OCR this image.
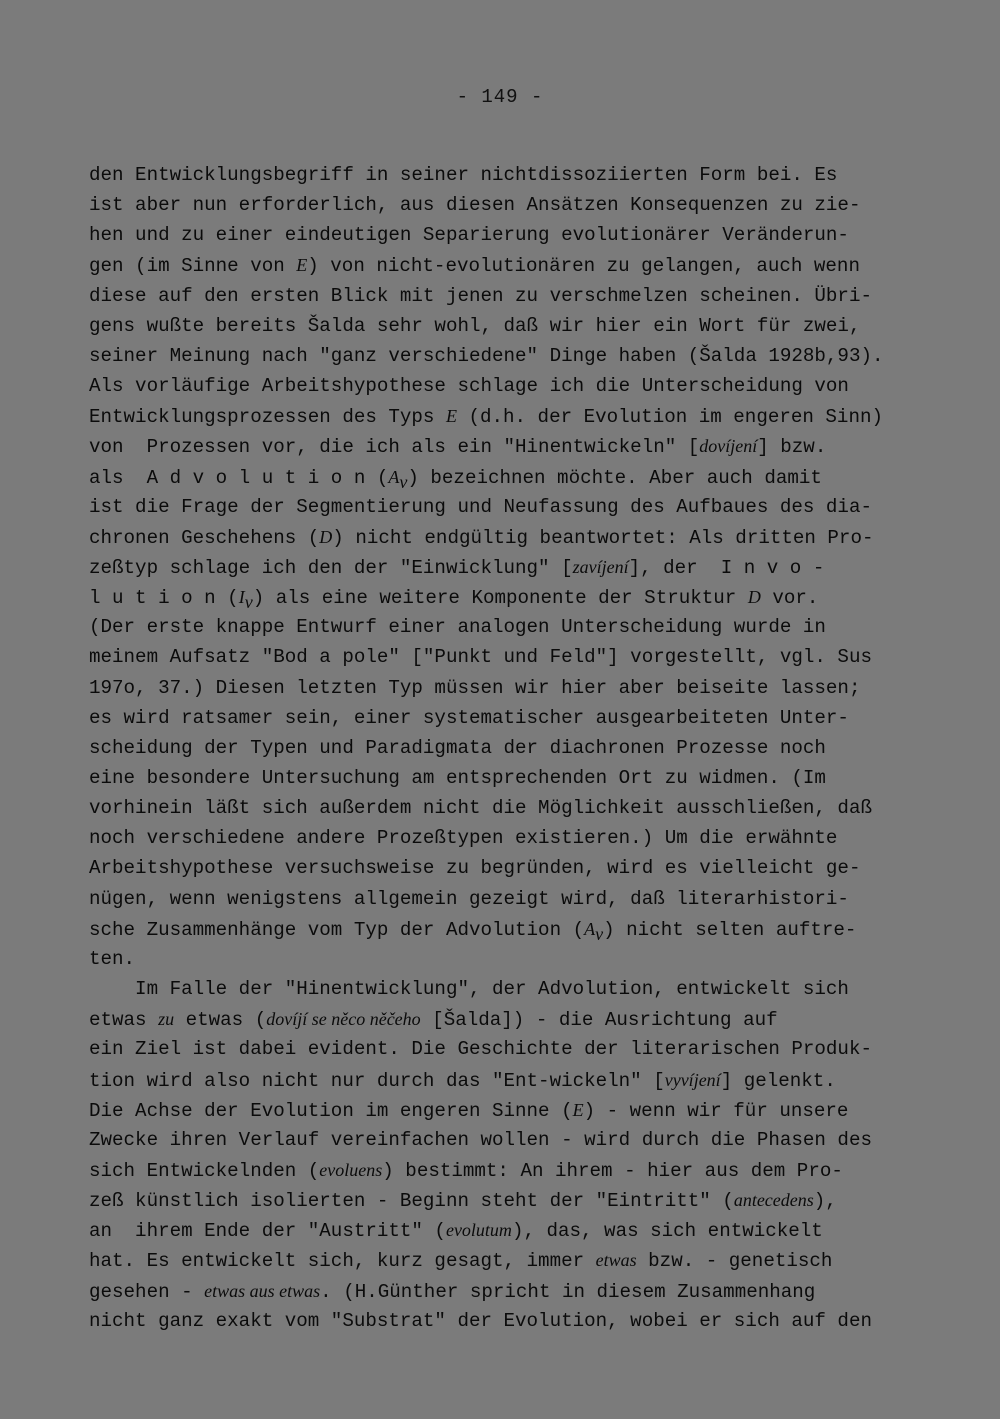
- 149 -
den Entwicklungsbegriff in seiner nichtdissoziierten Form bei. Es
ist aber nun erforderlich, aus diesen Ansätzen Konsequenzen zu zie-
hen und zu einer eindeutigen Separierung evolutionärer Veränderun-
gen (im Sinne von E) von nicht-evolutionären zu gelangen, auch wenn
diese auf den ersten Blick mit jenen zu verschmelzen scheinen. Übri-
gens wußte bereits Šalda sehr wohl, daß wir hier ein Wort für zwei,
seiner Meinung nach "ganz verschiedene" Dinge haben (Šalda 1928b,93).
Als vorläufige Arbeitshypothese schlage ich die Unterscheidung von
Entwicklungsprozessen des Typs E (d.h. der Evolution im engeren Sinn)
von  Prozessen vor, die ich als ein "Hinentwickeln" [dovíjení] bzw.
als  A d v o l u t i o n $(A_v)$ bezeichnen möchte. Aber auch damit
ist die Frage der Segmentierung und Neufassung des Aufbaues des dia-
chronen Geschehens (D) nicht endgültig beantwortet: Als dritten Pro-
zeßtyp schlage ich den der "Einwicklung" [zavíjení], der  I n v o -
l u t i o n $(I_v)$ als eine weitere Komponente der Struktur D vor.
(Der erste knappe Entwurf einer analogen Unterscheidung wurde in
meinem Aufsatz "Bod a pole" ["Punkt und Feld"] vorgestellt, vgl. Sus
197o, 37.) Diesen letzten Typ müssen wir hier aber beiseite lassen;
es wird ratsamer sein, einer systematischer ausgearbeiteten Unter-
scheidung der Typen und Paradigmata der diachronen Prozesse noch
eine besondere Untersuchung am entsprechenden Ort zu widmen. (Im
vorhinein läßt sich außerdem nicht die Möglichkeit ausschließen, daß
noch verschiedene andere Prozeßtypen existieren.) Um die erwähnte
Arbeitshypothese versuchsweise zu begründen, wird es vielleicht ge-
nügen, wenn wenigstens allgemein gezeigt wird, daß literarhistori-
sche Zusammenhänge vom Typ der Advolution $(A_v)$ nicht selten auftre-
ten.
Im Falle der "Hinentwicklung", der Advolution, entwickelt sich
etwas zu etwas (dovíjí se něco něčeho [Šalda]) - die Ausrichtung auf
ein Ziel ist dabei evident. Die Geschichte der literarischen Produk-
tion wird also nicht nur durch das "Ent-wickeln" [vyvíjení] gelenkt.
Die Achse der Evolution im engeren Sinne (E) - wenn wir für unsere
Zwecke ihren Verlauf vereinfachen wollen - wird durch die Phasen des
sich Entwickelnden (evoluens) bestimmt: An ihrem - hier aus dem Pro-
zeß künstlich isolierten - Beginn steht der "Eintritt" (antecedens),
an  ihrem Ende der "Austritt" (evolutum), das, was sich entwickelt
hat. Es entwickelt sich, kurz gesagt, immer etwas bzw. - genetisch
gesehen - etwas aus etwas. (H.Günther spricht in diesem Zusammenhang
nicht ganz exakt vom "Substrat" der Evolution, wobei er sich auf den
